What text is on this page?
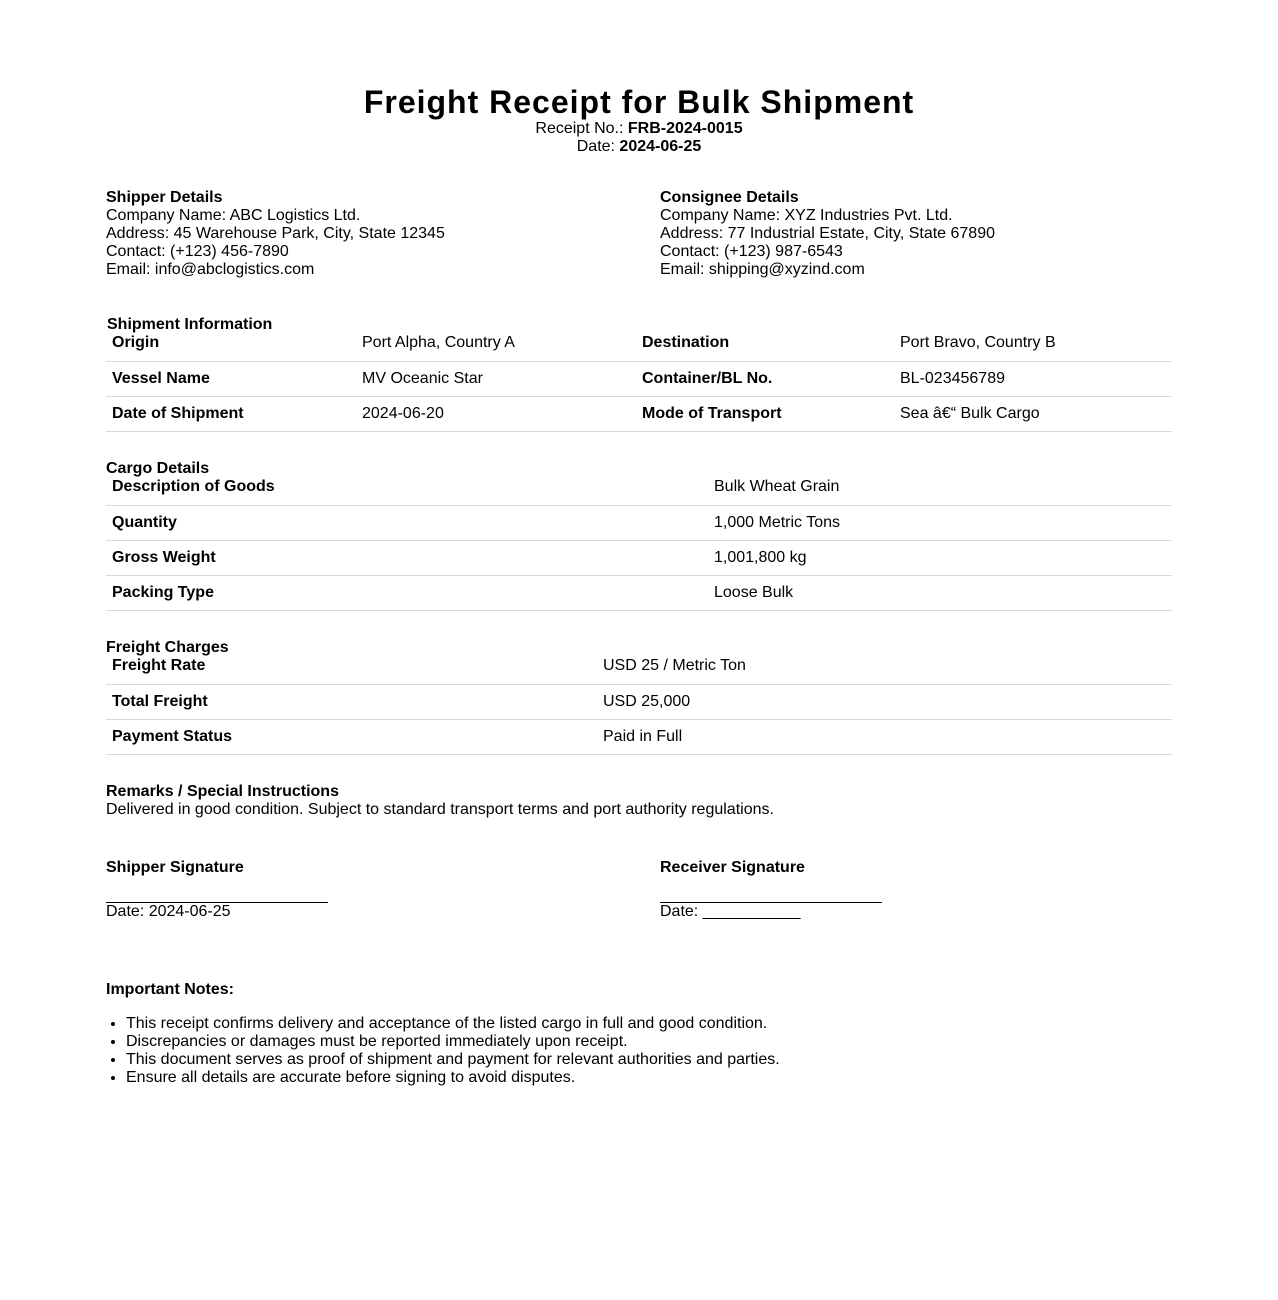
Freight Receipt for Bulk Shipment
Receipt No.: FRB-2024-0015
Date: 2024-06-25
Shipper Details
Company Name: ABC Logistics Ltd.
Address: 45 Warehouse Park, City, State 12345
Contact: (+123) 456-7890
Email: info@abclogistics.com
Consignee Details
Company Name: XYZ Industries Pvt. Ltd.
Address: 77 Industrial Estate, City, State 67890
Contact: (+123) 987-6543
Email: shipping@xyzind.com
Shipment Information
Origin	Port Alpha, Country A	Destination	Port Bravo, Country B
Vessel Name	MV Oceanic Star	Container/BL No.	BL-023456789
Date of Shipment	2024-06-20	Mode of Transport	Sea â€“ Bulk Cargo
Cargo Details
Description of Goods	Bulk Wheat Grain
Quantity	1,000 Metric Tons
Gross Weight	1,001,800 kg
Packing Type	Loose Bulk
Freight Charges
Freight Rate	USD 25 / Metric Ton
Total Freight	USD 25,000
Payment Status	Paid in Full
Remarks / Special Instructions
Delivered in good condition. Subject to standard transport terms and port authority regulations.
Shipper Signature
Date: 2024-06-25
Receiver Signature
Date: ___________
Important Notes:
• This receipt confirms delivery and acceptance of the listed cargo in full and good condition.
• Discrepancies or damages must be reported immediately upon receipt.
• This document serves as proof of shipment and payment for relevant authorities and parties.
• Ensure all details are accurate before signing to avoid disputes.
